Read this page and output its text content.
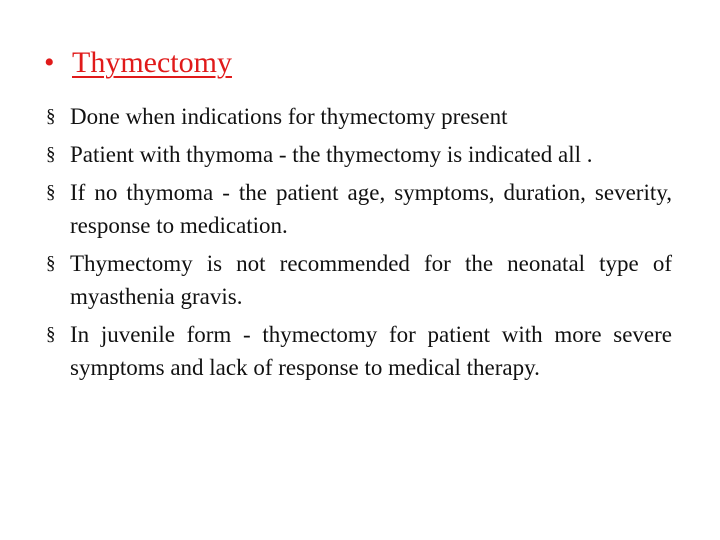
• Thymectomy
§ Done when indications for thymectomy present
§ Patient with thymoma - the thymectomy is indicated all .
§ If no thymoma - the patient age, symptoms, duration, severity, response to medication.
§ Thymectomy is not recommended for the neonatal type of myasthenia gravis.
§ In juvenile form - thymectomy for patient with more severe symptoms and lack of response to medical therapy.
